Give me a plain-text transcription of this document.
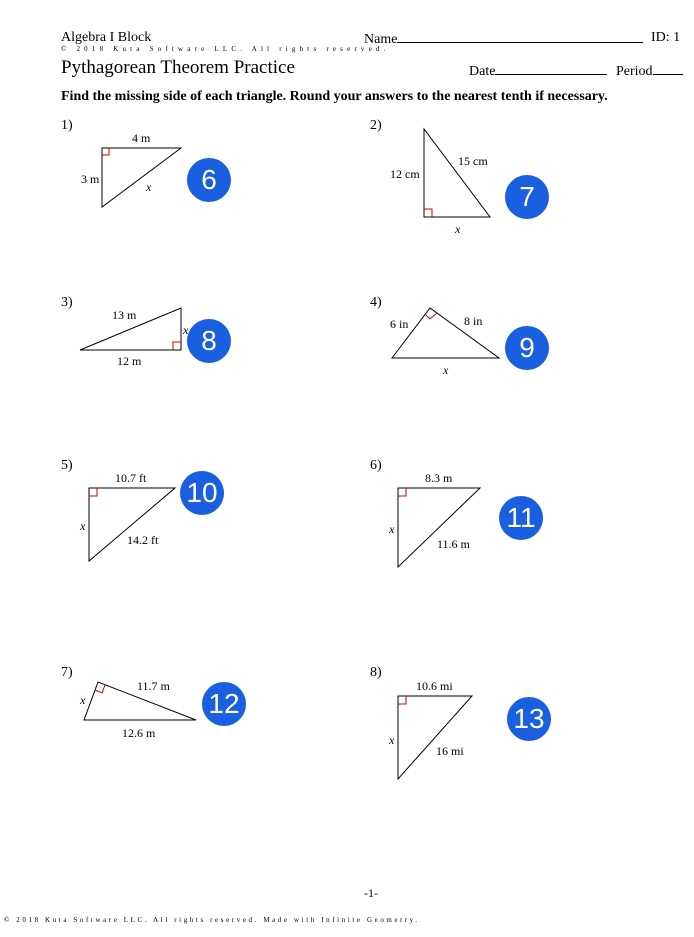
Algebra I Block	Name	ID: 1
© 2018 Kuta Software LLC. All rights reserved.
Pythagorean Theorem Practice	Date	Period
Find the missing side of each triangle. Round your answers to the nearest tenth if necessary.
1)	2)
3)	4)
5)	6)
7)	8)
4 m
3 m
x
15 cm
12 cm
x
13 m
x
12 m
6 in	8 in
x
10.7 ft
x
14.2 ft
8.3 m
x
11.6 m
11.7 m
x
12.6 m
10.6 mi
x
16 mi
6
7
8	9
10
11
12	13
-1-
© 2018 Kuta Software LLC. All rights reserved. Made with Infinite Geometry.
